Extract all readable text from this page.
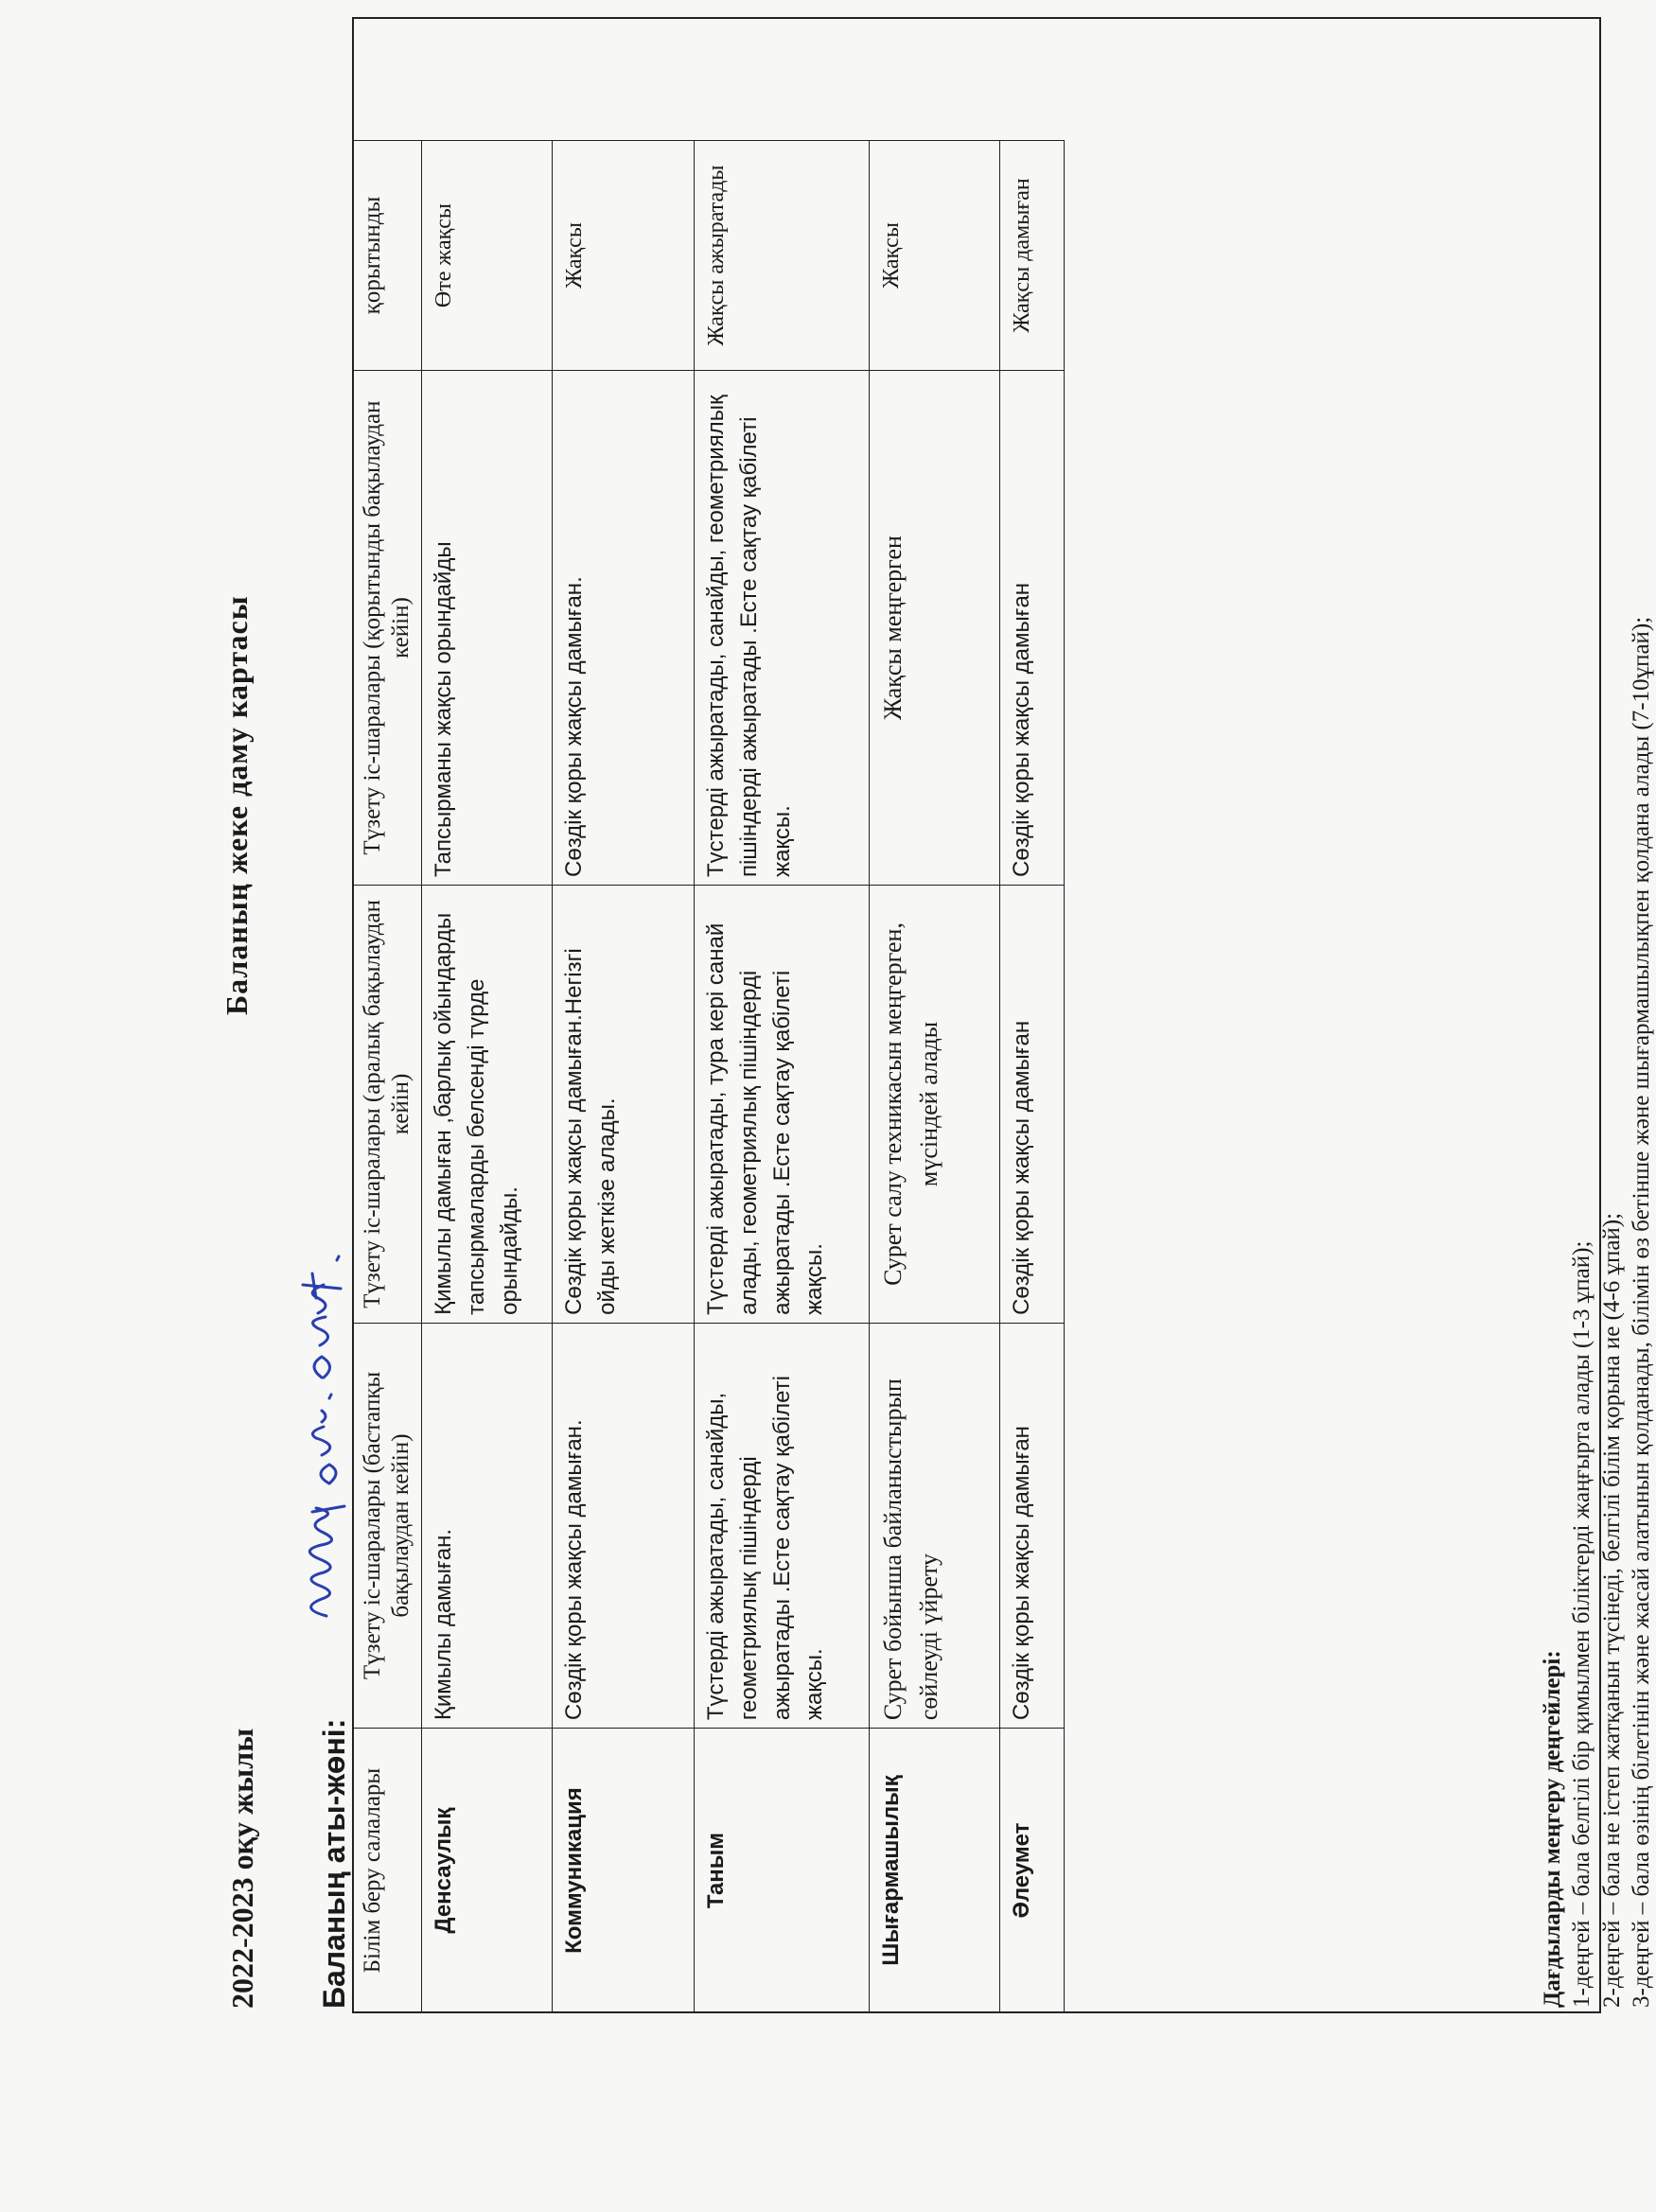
2022-2023 оқу жылы
Баланың жеке даму картасы
Баланың аты-жөні: Білім беру салалары	Түзету іс-шаралары (бастапқы бақылаудан кейін)	Түзету іс-шаралары (аралық бақылаудан кейін)	Түзету іс-шаралары (қорытынды бақылаудан кейін)	қорытынды
Денсаулық	Қимылы дамыған.	Қимылы дамыған ,барлық ойындарды тапсырмаларды белсенді түрде орындайды.	Тапсырманы жақсы орындайды	Өте жақсы
Коммуникация	Сөздік қоры жақсы дамыған.	Сөздік қоры жақсы дамыған.Негізгі ойды жеткізе алады.	Сөздік қоры жақсы дамыған.	Жақсы
Таным	Түстерді ажыратады, санайды, геометриялық пішіндерді ажыратады .Есте сақтау қабілеті жақсы.	Түстерді ажыратады, тура кері санай алады, геометриялық пішіндерді ажыратады .Есте сақтау қабілеті жақсы.	Түстерді ажыратады, санайды, геометриялық пішіндерді ажыратады .Есте сақтау қабілеті жақсы.	Жақсы ажыратады
Шығармашылық	Сурет бойынша байланыстырып сөйлеуді үйрету	Сурет салу техникасын меңгерген, мүсіндей алады	Жақсы меңгерген	Жақсы
Әлеумет	Сөздік қоры жақсы дамыған	Сөздік қоры жақсы дамыған	Сөздік қоры жақсы дамыған	Жақсы дамыған
Дағдыларды меңгеру деңгейлері: 1-деңгей – бала белгілі бір қимылмен біліктерді жаңғырта алады (1-3 ұпай); 2-деңгей – бала не істеп жатқанын түсінеді, белгілі білім қорына ие (4-6 ұпай); 3-деңгей – бала өзінің білетінін және жасай алатынын қолданады, білімін өз бетінше және шығармашылықпен қолдана алады (7-10ұпай);
